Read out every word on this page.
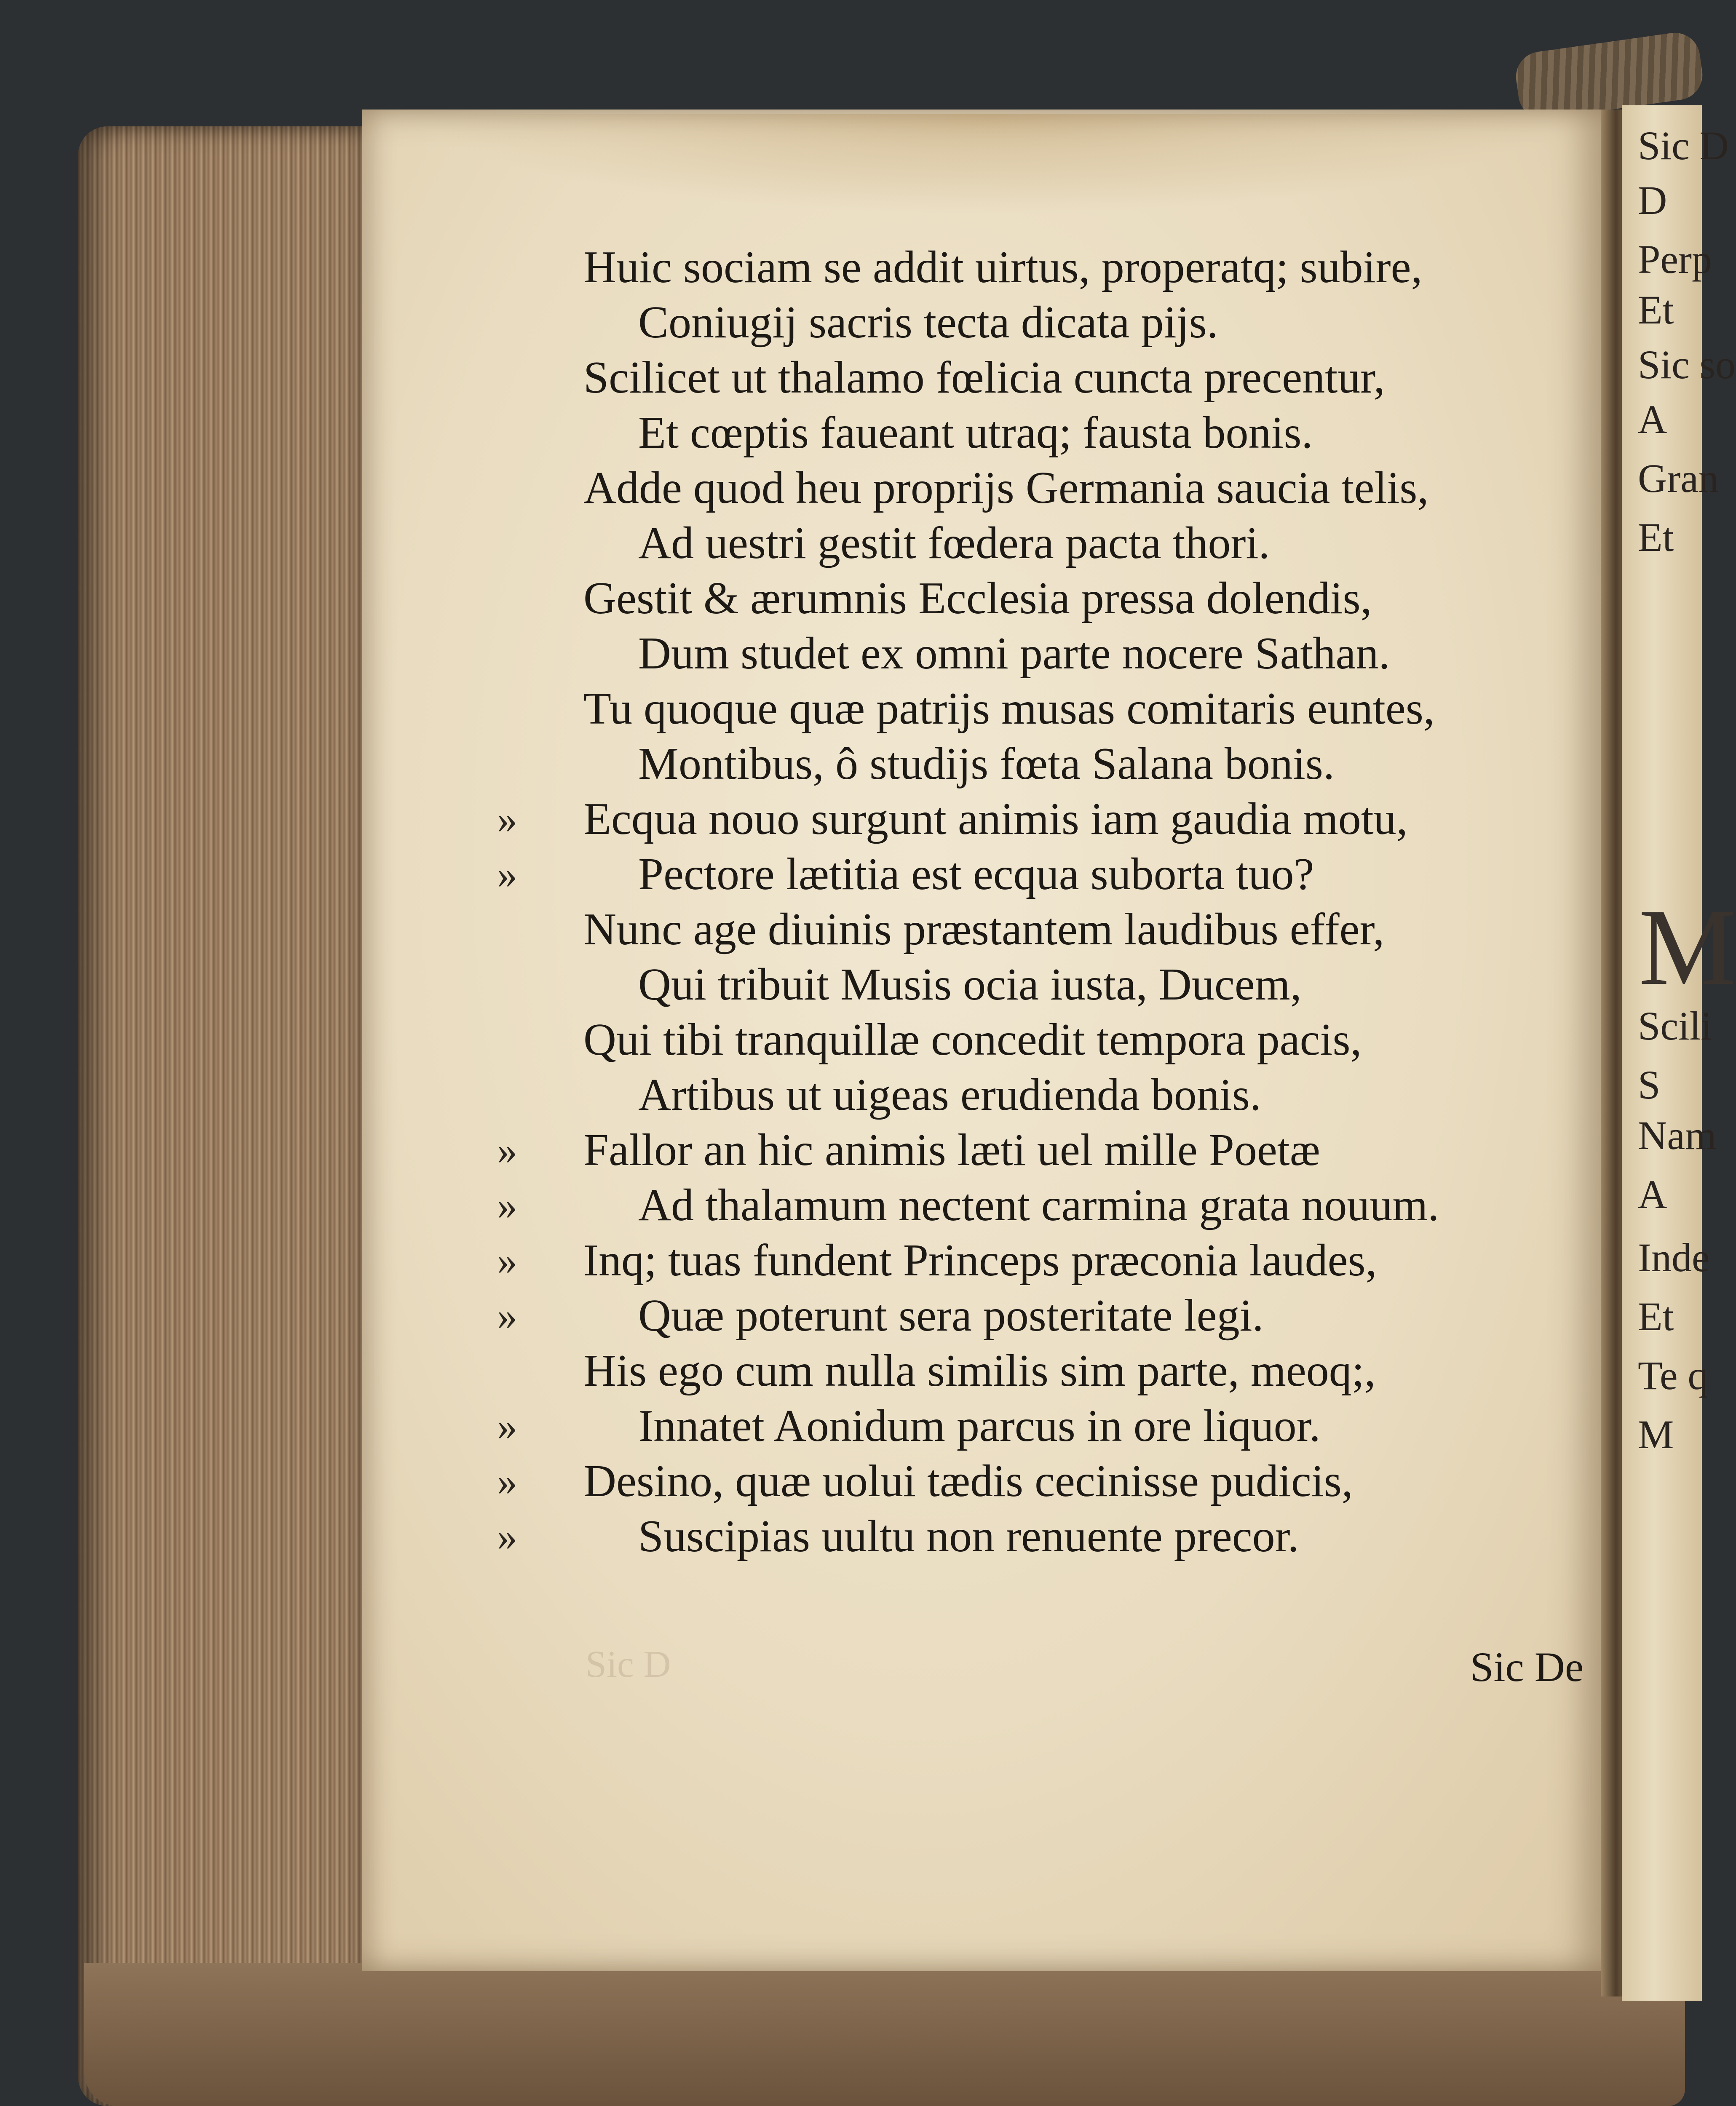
Sic D
Huic sociam se addit uirtus, properatq; subire,
Coniugij sacris tecta dicata pijs.
Scilicet ut thalamo fœlicia cuncta precentur,
Et cœptis faueant utraq; fausta bonis.
Adde quod heu proprijs Germania saucia telis,
Ad uestri gestit fœdera pacta thori.
Gestit & ærumnis Ecclesia pressa dolendis,
Dum studet ex omni parte nocere Sathan.
Tu quoque quæ patrijs musas comitaris euntes,
Montibus, ô studijs fœta Salana bonis.
Ecqua nouo surgunt animis iam gaudia motu,
Pectore lætitia est ecqua suborta tuo?
Nunc age diuinis præstantem laudibus effer,
Qui tribuit Musis ocia iusta, Ducem,
Qui tibi tranquillæ concedit tempora pacis,
Artibus ut uigeas erudienda bonis.
Fallor an hic animis læti uel mille Poetæ
Ad thalamum nectent carmina grata nouum.
Inq; tuas fundent Princeps præconia laudes,
Quæ poterunt sera posteritate legi.
His ego cum nulla similis sim parte, meoq;,
Innatet Aonidum parcus in ore liquor.
Desino, quæ uolui tædis cecinisse pudicis,
Suscipias uultu non renuente precor.
»
»
»
»
»
»
»
»
»
Sic De
Sic D
D
Perp
Et
Sic so
A
Gran
Et
M
Scili
S
Nam
A
Inde
Et
Te q
M
